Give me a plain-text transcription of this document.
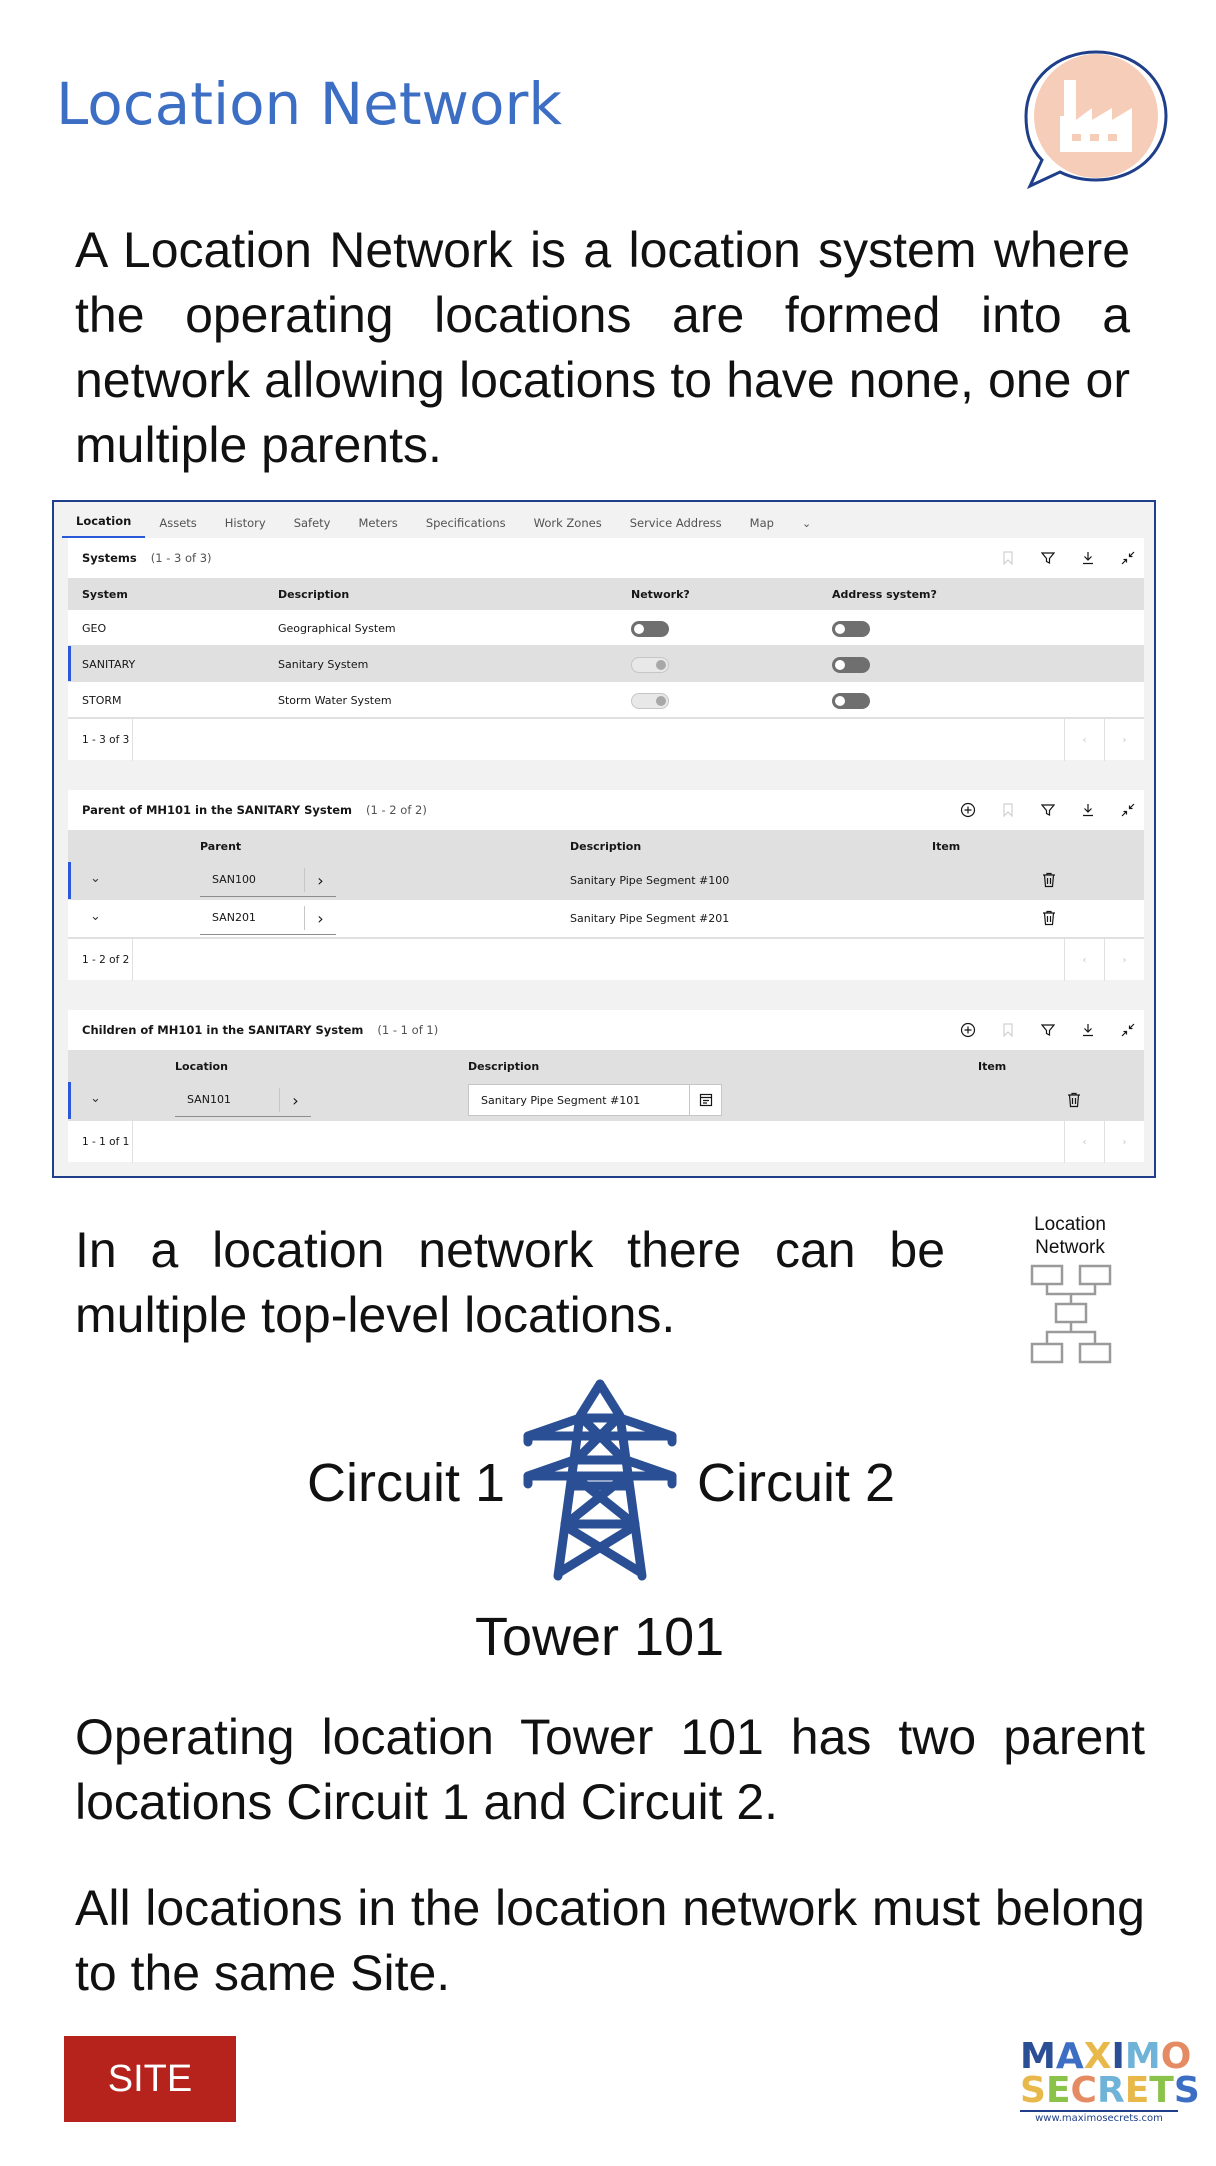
Location Network

A Location Network is a location system where the operating locations are formed into a network allowing locations to have none, one or multiple parents.

Location	Assets	History	Safety	Meters	Specifications	Work Zones	Service Address	Map	⌄
Systems (1 - 3 of 3)
System	Description	Network?	Address system?
GEO	Geographical System
SANITARY	Sanitary System
STORM	Storm Water System
1 - 3 of 3	‹	›
Parent of MH101 in the SANITARY System (1 - 2 of 2)
Parent	Description	Item
⌄	SAN100	›	Sanitary Pipe Segment #100
⌄	SAN201	›	Sanitary Pipe Segment #201
1 - 2 of 2	‹	›
Children of MH101 in the SANITARY System (1 - 1 of 1)
Location	Description	Item
⌄	SAN101	›	Sanitary Pipe Segment #101
1 - 1 of 1	‹	›

In a location network there can be multiple top-level locations.

Location Network
Circuit 1	Circuit 2
Tower 101

Operating location Tower 101 has two parent locations Circuit 1 and Circuit 2.

All locations in the location network must belong to the same Site.

SITE
MAXIMO
SECRETS
www.maximosecrets.com
